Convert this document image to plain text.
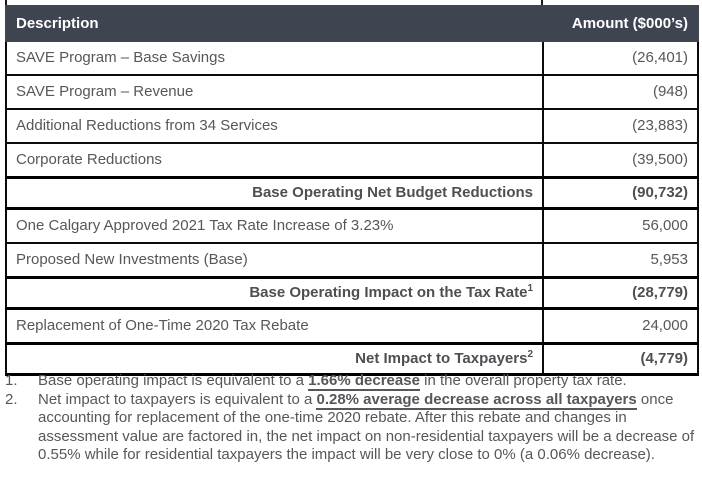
Description	Amount ($000’s)
SAVE Program – Base Savings	(26,401)
SAVE Program – Revenue	(948)
Additional Reductions from 34 Services	(23,883)
Corporate Reductions	(39,500)
Base Operating Net Budget Reductions	(90,732)
One Calgary Approved 2021 Tax Rate Increase of 3.23%	56,000
Proposed New Investments (Base)	5,953
Base Operating Impact on the Tax Rate$^1$	(28,779)
Replacement of One-Time 2020 Tax Rebate	24,000
Net Impact to Taxpayers$^2$	(4,779)
1.	Base operating impact is equivalent to a 1.66% decrease in the overall property tax rate.
2.	Net impact to taxpayers is equivalent to a 0.28% average decrease across all taxpayers once accounting for replacement of the one-time 2020 rebate. After this rebate and changes in assessment value are factored in, the net impact on non-residential taxpayers will be a decrease of 0.55% while for residential taxpayers the impact will be very close to 0% (a 0.06% decrease).
